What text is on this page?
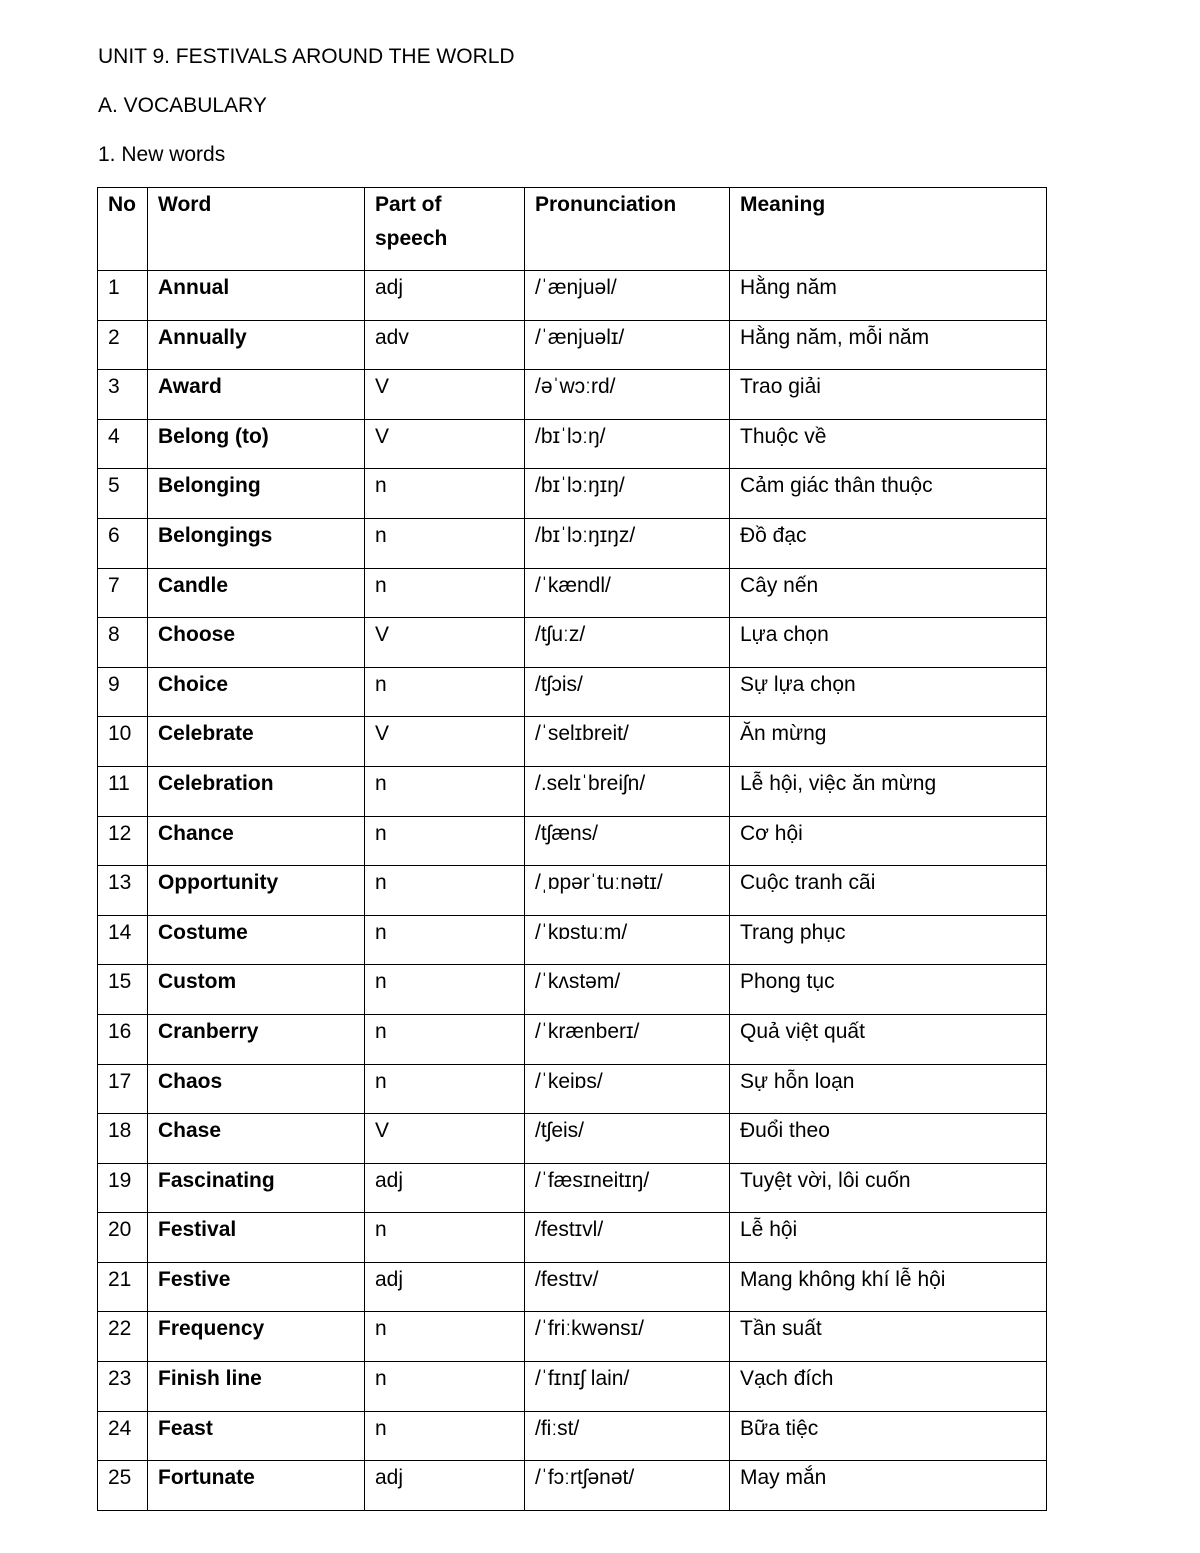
UNIT 9. FESTIVALS AROUND THE WORLD
A. VOCABULARY
1. New words
No	Word	Part of speech	Pronunciation	Meaning
1	Annual	adj	/ˈænjuəl/	Hằng năm
2	Annually	adv	/ˈænjuəlɪ/	Hằng năm, mỗi năm
3	Award	V	/əˈwɔːrd/	Trao giải
4	Belong (to)	V	/bɪˈlɔːŋ/	Thuộc về
5	Belonging	n	/bɪˈlɔːŋɪŋ/	Cảm giác thân thuộc
6	Belongings	n	/bɪˈlɔːŋɪŋz/	Đồ đạc
7	Candle	n	/ˈkændl/	Cây nến
8	Choose	V	/tʃuːz/	Lựa chọn
9	Choice	n	/tʃɔis/	Sự lựa chọn
10	Celebrate	V	/ˈselɪbreit/	Ăn mừng
11	Celebration	n	/.selɪˈbreiʃn/	Lễ hội, việc ăn mừng
12	Chance	n	/tʃæns/	Cơ hội
13	Opportunity	n	/ˌɒpərˈtuːnətɪ/	Cuộc tranh cãi
14	Costume	n	/ˈkɒstuːm/	Trang phục
15	Custom	n	/ˈkʌstəm/	Phong tục
16	Cranberry	n	/ˈkrænberɪ/	Quả việt quất
17	Chaos	n	/ˈkeiɒs/	Sự hỗn loạn
18	Chase	V	/tʃeis/	Đuổi theo
19	Fascinating	adj	/ˈfæsɪneitɪŋ/	Tuyệt vời, lôi cuốn
20	Festival	n	/festɪvl/	Lễ hội
21	Festive	adj	/festɪv/	Mang không khí lễ hội
22	Frequency	n	/ˈfriːkwənsɪ/	Tần suất
23	Finish line	n	/ˈfɪnɪʃ lain/	Vạch đích
24	Feast	n	/fiːst/	Bữa tiệc
25	Fortunate	adj	/ˈfɔːrtʃənət/	May mắn
